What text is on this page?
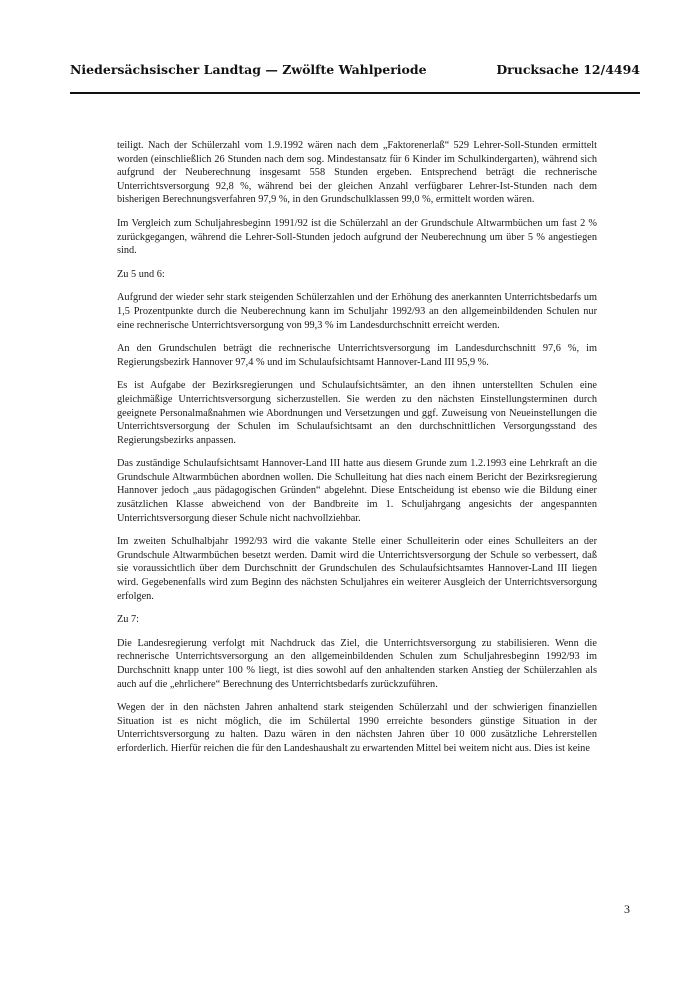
Niedersächsischer Landtag — Zwölfte Wahlperiode	Drucksache 12/4494

teiligt. Nach der Schülerzahl vom 1.9.1992 wären nach dem „Faktorenerlaß“ 529 Lehrer-Soll-Stunden ermittelt worden (einschließlich 26 Stunden nach dem sog. Mindestansatz für 6 Kinder im Schulkindergarten), während sich aufgrund der Neuberechnung insgesamt 558 Stunden ergeben. Entsprechend beträgt die rechnerische Unterrichtsversorgung 92,8 %, während bei der gleichen Anzahl verfügbarer Lehrer-Ist-Stunden nach dem bisherigen Berechnungsverfahren 97,9 %, in den Grundschulklassen 99,0 %, ermittelt worden wären.

Im Vergleich zum Schuljahresbeginn 1991/92 ist die Schülerzahl an der Grundschule Altwarmbüchen um fast 2 % zurückgegangen, während die Lehrer-Soll-Stunden jedoch aufgrund der Neuberechnung um über 5 % angestiegen sind.

Zu 5 und 6:

Aufgrund der wieder sehr stark steigenden Schülerzahlen und der Erhöhung des anerkannten Unterrichtsbedarfs um 1,5 Prozentpunkte durch die Neuberechnung kann im Schuljahr 1992/93 an den allgemeinbildenden Schulen nur eine rechnerische Unterrichtsversorgung von 99,3 % im Landesdurchschnitt erreicht werden.

An den Grundschulen beträgt die rechnerische Unterrichtsversorgung im Landesdurchschnitt 97,6 %, im Regierungsbezirk Hannover 97,4 % und im Schulaufsichtsamt Hannover-Land III 95,9 %.

Es ist Aufgabe der Bezirksregierungen und Schulaufsichtsämter, an den ihnen unterstellten Schulen eine gleichmäßige Unterrichtsversorgung sicherzustellen. Sie werden zu den nächsten Einstellungsterminen durch geeignete Personalmaßnahmen wie Abordnungen und Versetzungen und ggf. Zuweisung von Neueinstellungen die Unterrichtsversorgung der Schulen im Schulaufsichtsamt an den durchschnittlichen Versorgungsstand des Regierungsbezirks anpassen.

Das zuständige Schulaufsichtsamt Hannover-Land III hatte aus diesem Grunde zum 1.2.1993 eine Lehrkraft an die Grundschule Altwarmbüchen abordnen wollen. Die Schulleitung hat dies nach einem Bericht der Bezirksregierung Hannover jedoch „aus pädagogischen Gründen“ abgelehnt. Diese Entscheidung ist ebenso wie die Bildung einer zusätzlichen Klasse abweichend von der Bandbreite im 1. Schuljahrgang angesichts der angespannten Unterrichtsversorgung dieser Schule nicht nachvollziehbar.

Im zweiten Schulhalbjahr 1992/93 wird die vakante Stelle einer Schulleiterin oder eines Schulleiters an der Grundschule Altwarmbüchen besetzt werden. Damit wird die Unterrichtsversorgung der Schule so verbessert, daß sie voraussichtlich über dem Durchschnitt der Grundschulen des Schulaufsichtsamtes Hannover-Land III liegen wird. Gegebenenfalls wird zum Beginn des nächsten Schuljahres ein weiterer Ausgleich der Unterrichtsversorgung erfolgen.

Zu 7:

Die Landesregierung verfolgt mit Nachdruck das Ziel, die Unterrichtsversorgung zu stabilisieren. Wenn die rechnerische Unterrichtsversorgung an den allgemeinbildenden Schulen zum Schuljahresbeginn 1992/93 im Durchschnitt knapp unter 100 % liegt, ist dies sowohl auf den anhaltenden starken Anstieg der Schülerzahlen als auch auf die „ehrlichere“ Berechnung des Unterrichtsbedarfs zurückzuführen.

Wegen der in den nächsten Jahren anhaltend stark steigenden Schülerzahl und der schwierigen finanziellen Situation ist es nicht möglich, die im Schülertal 1990 erreichte besonders günstige Situation in der Unterrichtsversorgung zu halten. Dazu wären in den nächsten Jahren über 10 000 zusätzliche Lehrerstellen erforderlich. Hierfür reichen die für den Landeshaushalt zu erwartenden Mittel bei weitem nicht aus. Dies ist keine

3
